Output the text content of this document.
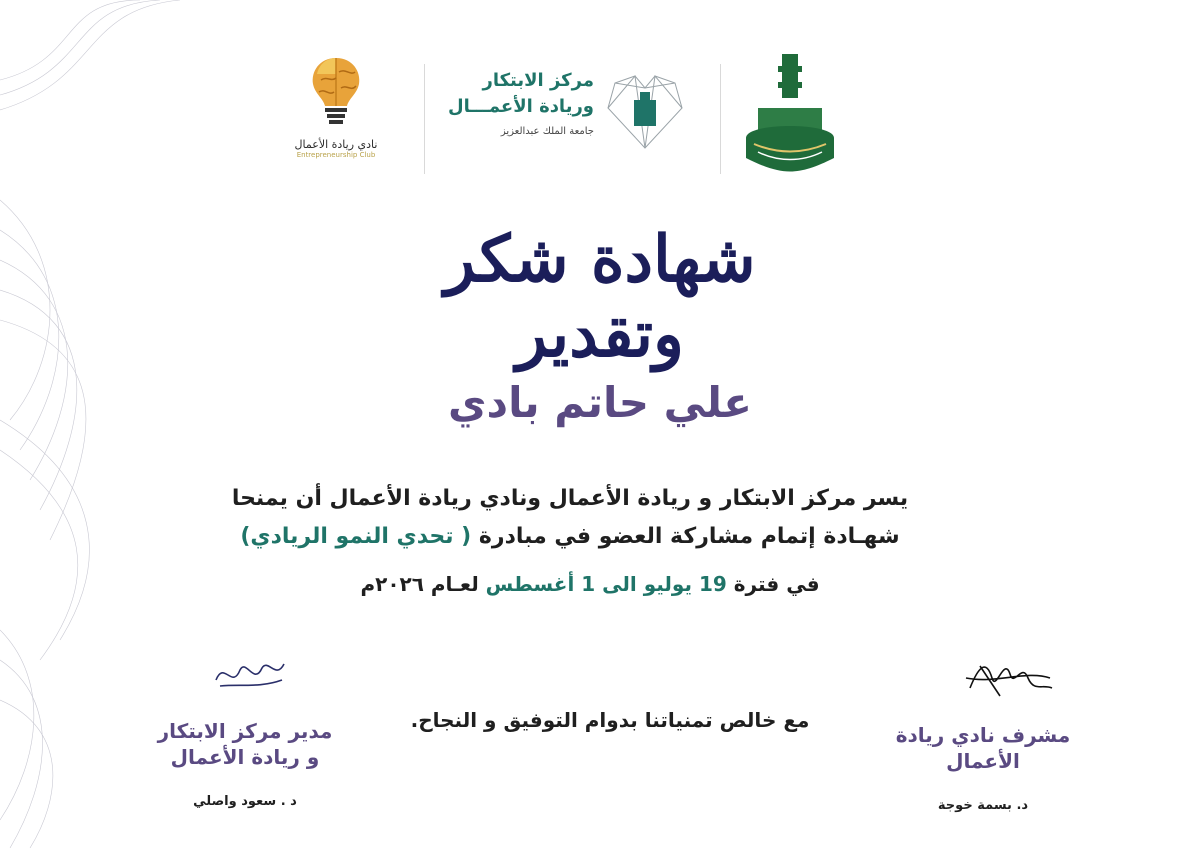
نادي ريادة الأعمال
Entrepreneurship Club
مركز الابتكار
وريادة الأعمـــال
جامعة الملك عبدالعزيز
شهادة شكر وتقدير
علي حاتم بادي
يسر مركز الابتكار و ريادة الأعمال ونادي ريادة الأعمال أن يمنحا
شهـادة إتمام مشاركة العضو في مبادرة ( تحدي النمو الريادي)
في فترة 19 يوليو الى 1 أغسطس لعـام ٢٠٢٦م
مع خالص تمنياتنا بدوام التوفيق و النجاح.
مدير مركز الابتكار
و ريادة الأعمال
د . سعود واصلي
مشرف نادي ريادة
الأعمال
د. بسمة خوجة
